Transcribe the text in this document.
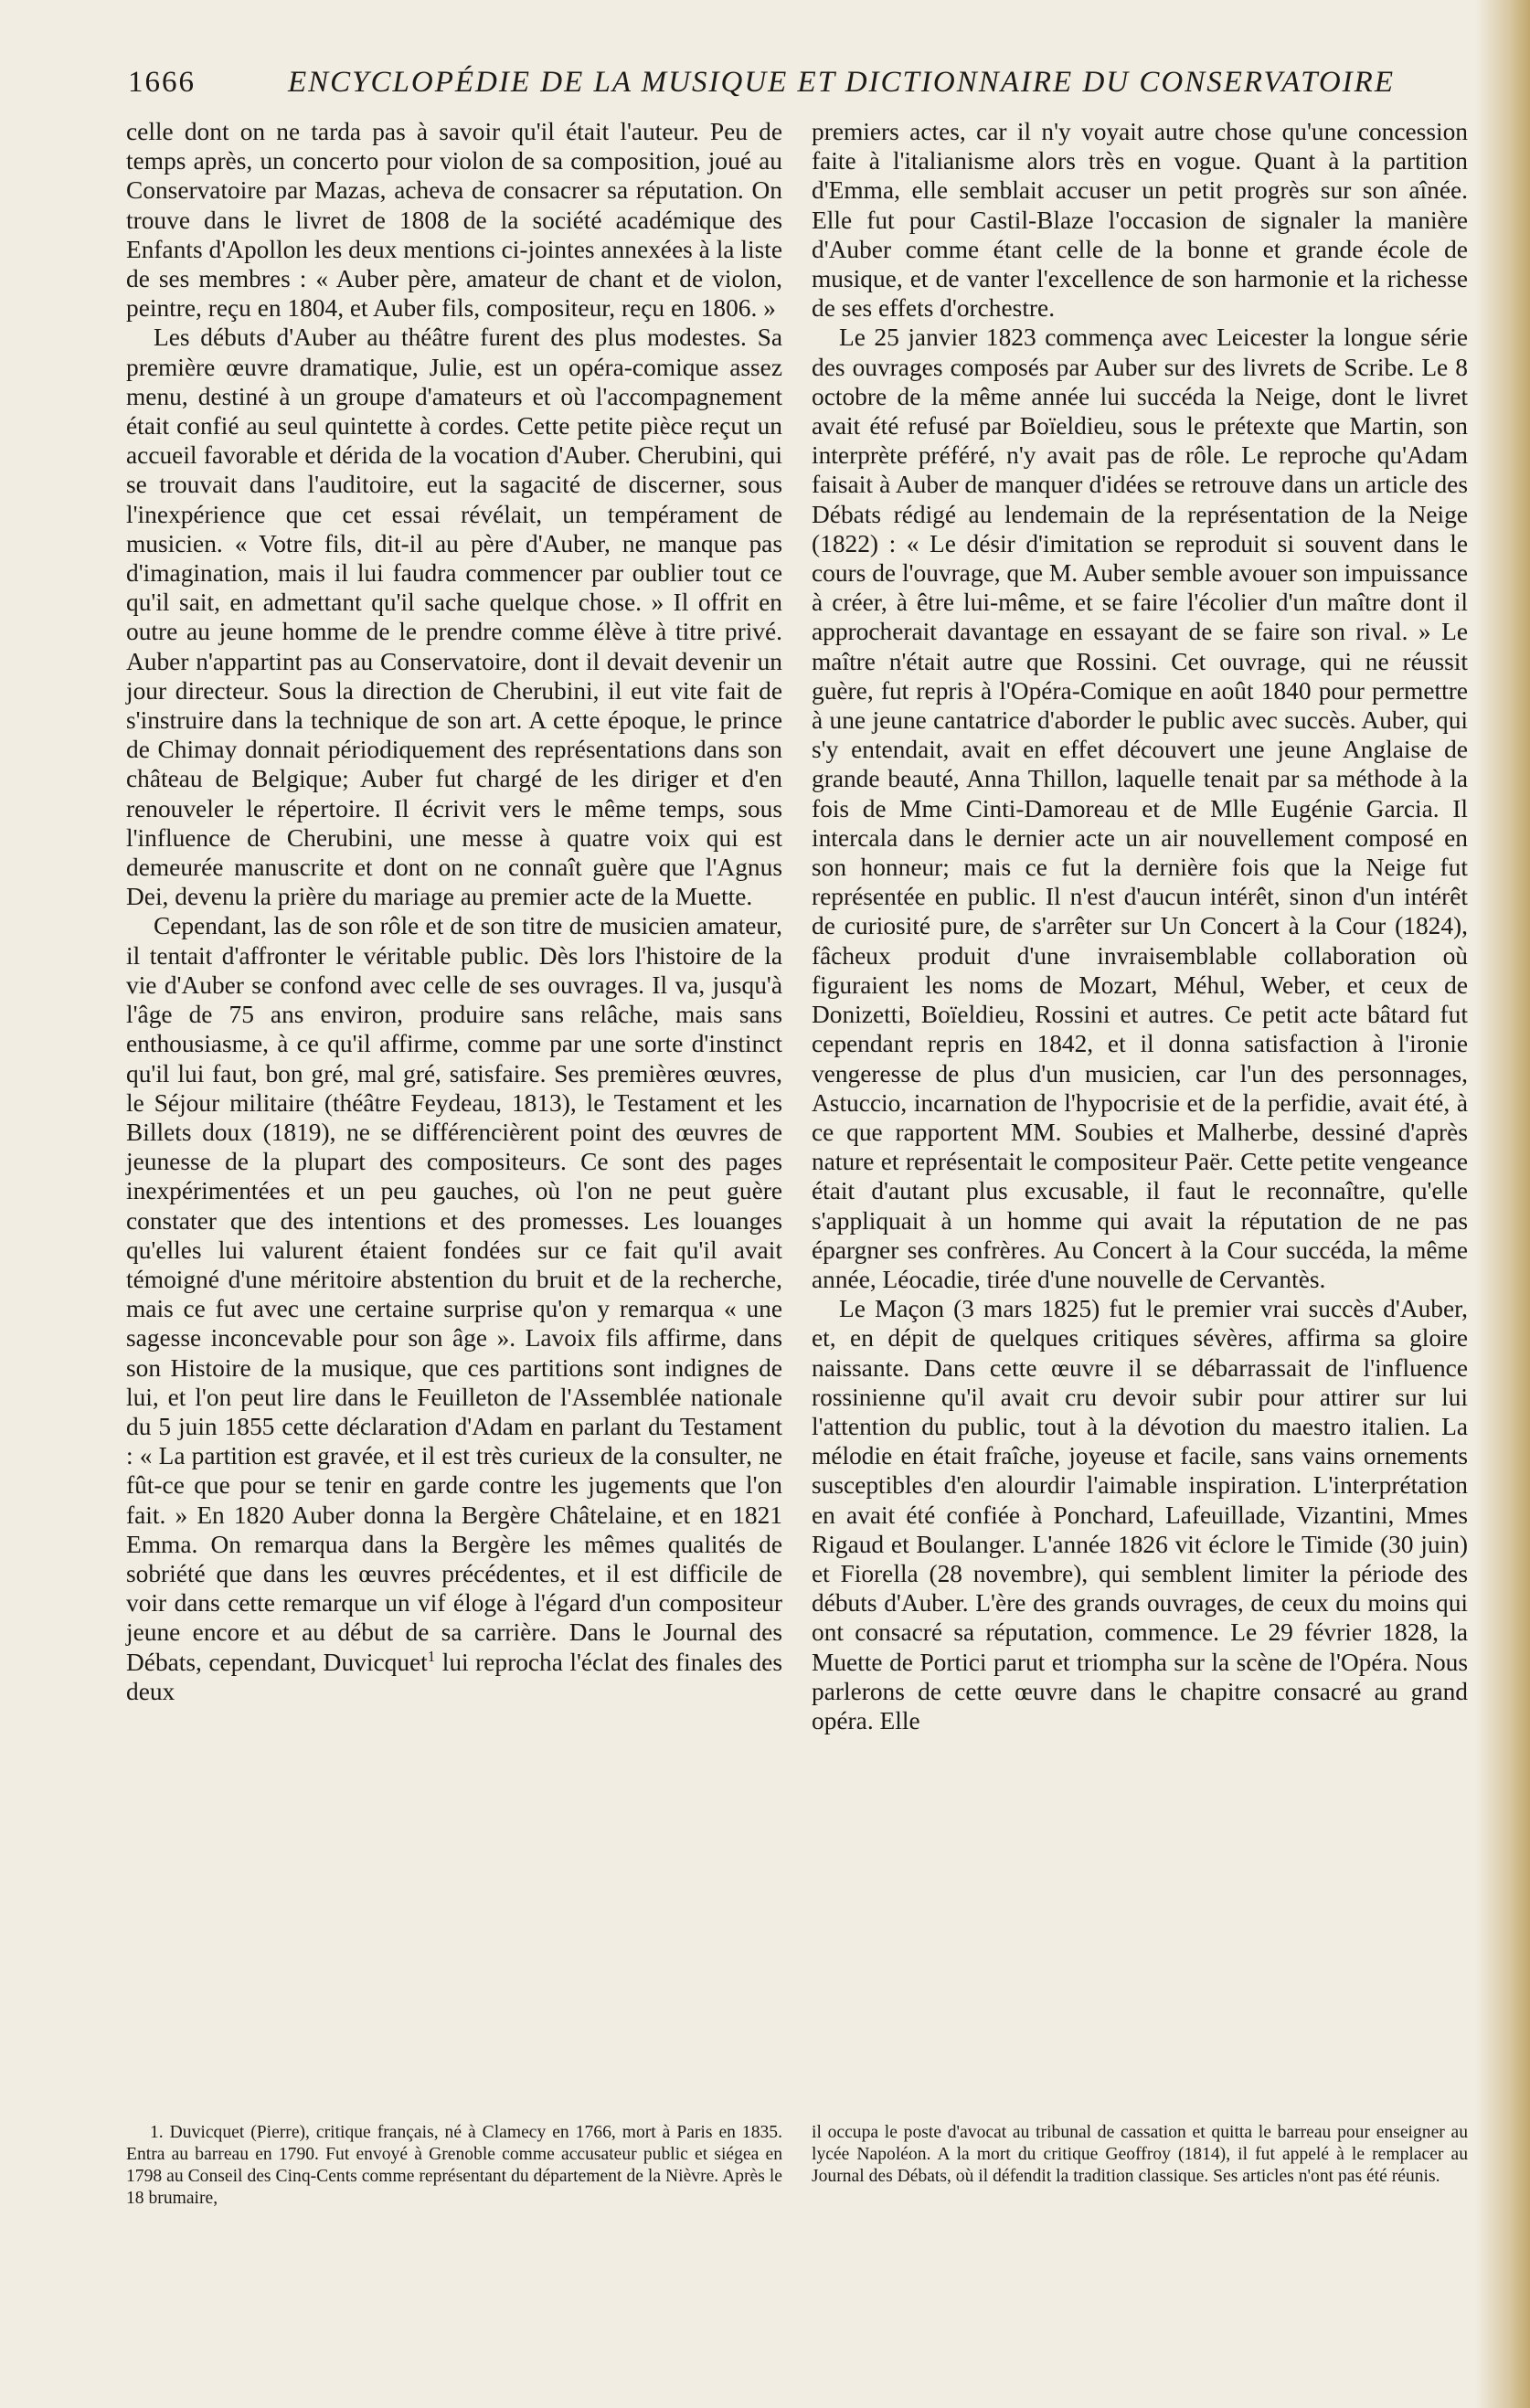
1666	ENCYCLOPÉDIE DE LA MUSIQUE ET DICTIONNAIRE DU CONSERVATOIRE

celle dont on ne tarda pas à savoir qu'il était l'auteur. Peu de temps après, un concerto pour violon de sa composition, joué au Conservatoire par Mazas, acheva de consacrer sa réputation. On trouve dans le livret de 1808 de la société académique des Enfants d'Apollon les deux mentions ci-jointes annexées à la liste de ses membres : « Auber père, amateur de chant et de violon, peintre, reçu en 1804, et Auber fils, compositeur, reçu en 1806. »

Les débuts d'Auber au théâtre furent des plus modestes. Sa première œuvre dramatique, Julie, est un opéra-comique assez menu, destiné à un groupe d'amateurs et où l'accompagnement était confié au seul quintette à cordes. Cette petite pièce reçut un accueil favorable et dérida de la vocation d'Auber. Cherubini, qui se trouvait dans l'auditoire, eut la sagacité de discerner, sous l'inexpérience que cet essai révélait, un tempérament de musicien. « Votre fils, dit-il au père d'Auber, ne manque pas d'imagination, mais il lui faudra commencer par oublier tout ce qu'il sait, en admettant qu'il sache quelque chose. » Il offrit en outre au jeune homme de le prendre comme élève à titre privé. Auber n'appartint pas au Conservatoire, dont il devait devenir un jour directeur. Sous la direction de Cherubini, il eut vite fait de s'instruire dans la technique de son art. A cette époque, le prince de Chimay donnait périodiquement des représentations dans son château de Belgique; Auber fut chargé de les diriger et d'en renouveler le répertoire. Il écrivit vers le même temps, sous l'influence de Cherubini, une messe à quatre voix qui est demeurée manuscrite et dont on ne connaît guère que l'Agnus Dei, devenu la prière du mariage au premier acte de la Muette.

Cependant, las de son rôle et de son titre de musicien amateur, il tentait d'affronter le véritable public. Dès lors l'histoire de la vie d'Auber se confond avec celle de ses ouvrages. Il va, jusqu'à l'âge de 75 ans environ, produire sans relâche, mais sans enthousiasme, à ce qu'il affirme, comme par une sorte d'instinct qu'il lui faut, bon gré, mal gré, satisfaire. Ses premières œuvres, le Séjour militaire (théâtre Feydeau, 1813), le Testament et les Billets doux (1819), ne se différencièrent point des œuvres de jeunesse de la plupart des compositeurs. Ce sont des pages inexpérimentées et un peu gauches, où l'on ne peut guère constater que des intentions et des promesses. Les louanges qu'elles lui valurent étaient fondées sur ce fait qu'il avait témoigné d'une méritoire abstention du bruit et de la recherche, mais ce fut avec une certaine surprise qu'on y remarqua « une sagesse inconcevable pour son âge ». Lavoix fils affirme, dans son Histoire de la musique, que ces partitions sont indignes de lui, et l'on peut lire dans le Feuilleton de l'Assemblée nationale du 5 juin 1855 cette déclaration d'Adam en parlant du Testament : « La partition est gravée, et il est très curieux de la consulter, ne fût-ce que pour se tenir en garde contre les jugements que l'on fait. » En 1820 Auber donna la Bergère Châtelaine, et en 1821 Emma. On remarqua dans la Bergère les mêmes qualités de sobriété que dans les œuvres précédentes, et il est difficile de voir dans cette remarque un vif éloge à l'égard d'un compositeur jeune encore et au début de sa carrière. Dans le Journal des Débats, cependant, Duvicquet$^1$ lui reprocha l'éclat des finales des deux

premiers actes, car il n'y voyait autre chose qu'une concession faite à l'italianisme alors très en vogue. Quant à la partition d'Emma, elle semblait accuser un petit progrès sur son aînée. Elle fut pour Castil-Blaze l'occasion de signaler la manière d'Auber comme étant celle de la bonne et grande école de musique, et de vanter l'excellence de son harmonie et la richesse de ses effets d'orchestre.

Le 25 janvier 1823 commença avec Leicester la longue série des ouvrages composés par Auber sur des livrets de Scribe. Le 8 octobre de la même année lui succéda la Neige, dont le livret avait été refusé par Boïeldieu, sous le prétexte que Martin, son interprète préféré, n'y avait pas de rôle. Le reproche qu'Adam faisait à Auber de manquer d'idées se retrouve dans un article des Débats rédigé au lendemain de la représentation de la Neige (1822) : « Le désir d'imitation se reproduit si souvent dans le cours de l'ouvrage, que M. Auber semble avouer son impuissance à créer, à être lui-même, et se faire l'écolier d'un maître dont il approcherait davantage en essayant de se faire son rival. » Le maître n'était autre que Rossini. Cet ouvrage, qui ne réussit guère, fut repris à l'Opéra-Comique en août 1840 pour permettre à une jeune cantatrice d'aborder le public avec succès. Auber, qui s'y entendait, avait en effet découvert une jeune Anglaise de grande beauté, Anna Thillon, laquelle tenait par sa méthode à la fois de Mme Cinti-Damoreau et de Mlle Eugénie Garcia. Il intercala dans le dernier acte un air nouvellement composé en son honneur; mais ce fut la dernière fois que la Neige fut représentée en public. Il n'est d'aucun intérêt, sinon d'un intérêt de curiosité pure, de s'arrêter sur Un Concert à la Cour (1824), fâcheux produit d'une invraisemblable collaboration où figuraient les noms de Mozart, Méhul, Weber, et ceux de Donizetti, Boïeldieu, Rossini et autres. Ce petit acte bâtard fut cependant repris en 1842, et il donna satisfaction à l'ironie vengeresse de plus d'un musicien, car l'un des personnages, Astuccio, incarnation de l'hypocrisie et de la perfidie, avait été, à ce que rapportent MM. Soubies et Malherbe, dessiné d'après nature et représentait le compositeur Paër. Cette petite vengeance était d'autant plus excusable, il faut le reconnaître, qu'elle s'appliquait à un homme qui avait la réputation de ne pas épargner ses confrères. Au Concert à la Cour succéda, la même année, Léocadie, tirée d'une nouvelle de Cervantès.

Le Maçon (3 mars 1825) fut le premier vrai succès d'Auber, et, en dépit de quelques critiques sévères, affirma sa gloire naissante. Dans cette œuvre il se débarrassait de l'influence rossinienne qu'il avait cru devoir subir pour attirer sur lui l'attention du public, tout à la dévotion du maestro italien. La mélodie en était fraîche, joyeuse et facile, sans vains ornements susceptibles d'en alourdir l'aimable inspiration. L'interprétation en avait été confiée à Ponchard, Lafeuillade, Vizantini, Mmes Rigaud et Boulanger. L'année 1826 vit éclore le Timide (30 juin) et Fiorella (28 novembre), qui semblent limiter la période des débuts d'Auber. L'ère des grands ouvrages, de ceux du moins qui ont consacré sa réputation, commence. Le 29 février 1828, la Muette de Portici parut et triompha sur la scène de l'Opéra. Nous parlerons de cette œuvre dans le chapitre consacré au grand opéra. Elle

1. Duvicquet (Pierre), critique français, né à Clamecy en 1766, mort à Paris en 1835. Entra au barreau en 1790. Fut envoyé à Grenoble comme accusateur public et siégea en 1798 au Conseil des Cinq-Cents comme représentant du département de la Nièvre. Après le 18 brumaire,

il occupa le poste d'avocat au tribunal de cassation et quitta le barreau pour enseigner au lycée Napoléon. A la mort du critique Geoffroy (1814), il fut appelé à le remplacer au Journal des Débats, où il défendit la tradition classique. Ses articles n'ont pas été réunis.
